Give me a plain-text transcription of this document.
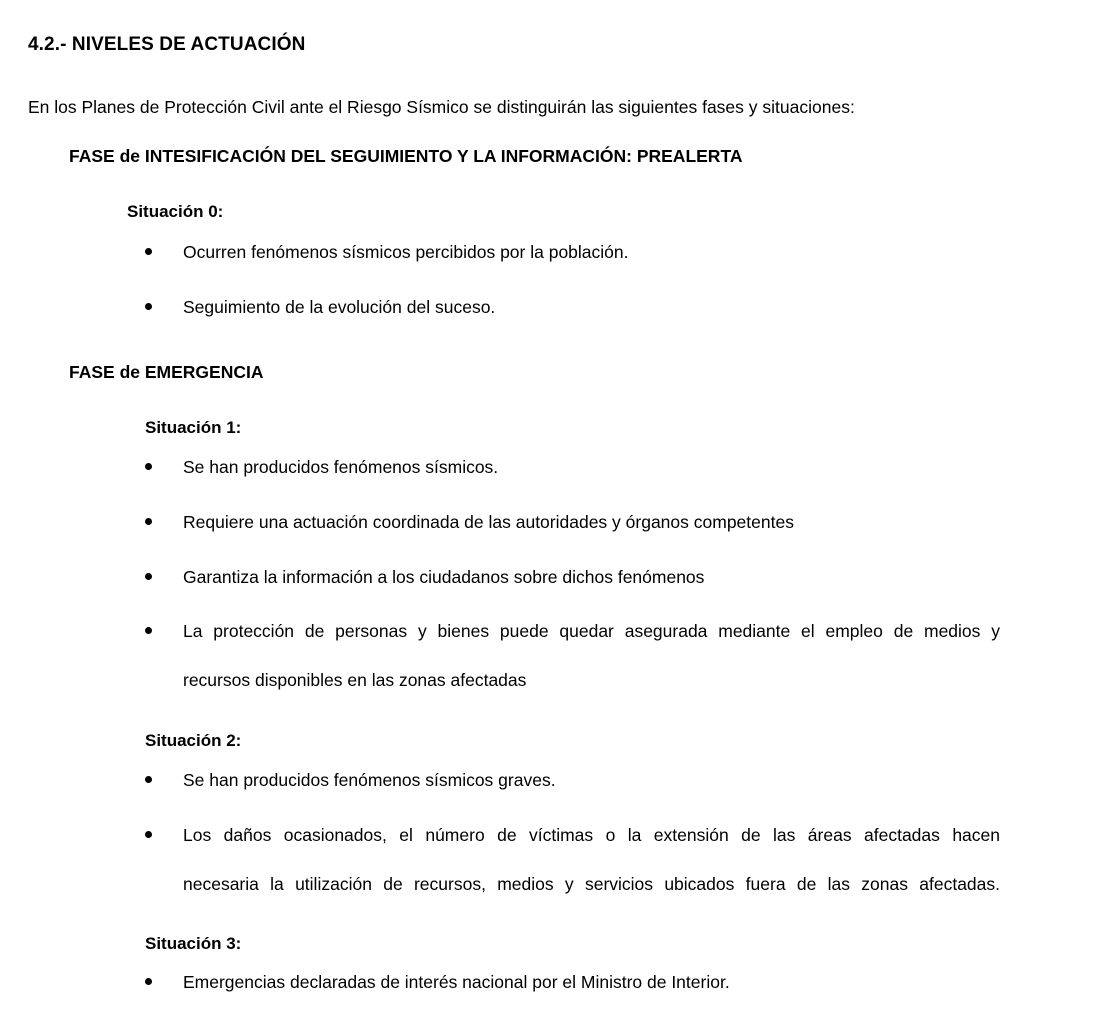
4.2.- NIVELES DE ACTUACIÓN

En los Planes de Protección Civil ante el Riesgo Sísmico se distinguirán las siguientes fases y situaciones:

FASE de INTESIFICACIÓN DEL SEGUIMIENTO Y LA INFORMACIÓN: PREALERTA
Situación 0:
Ocurren fenómenos sísmicos percibidos por la población.
Seguimiento de la evolución del suceso.
FASE de EMERGENCIA
Situación 1:
Se han producidos fenómenos sísmicos.
Requiere una actuación coordinada de las autoridades y órganos competentes
Garantiza la información a los ciudadanos sobre dichos fenómenos
La protección de personas y bienes puede quedar asegurada mediante el empleo de medios y
recursos disponibles en las zonas afectadas
Situación 2:
Se han producidos fenómenos sísmicos graves.
Los daños ocasionados, el número de víctimas o la extensión de las áreas afectadas hacen
necesaria la utilización de recursos, medios y servicios ubicados fuera de las zonas afectadas.
Situación 3:
Emergencias declaradas de interés nacional por el Ministro de Interior.
